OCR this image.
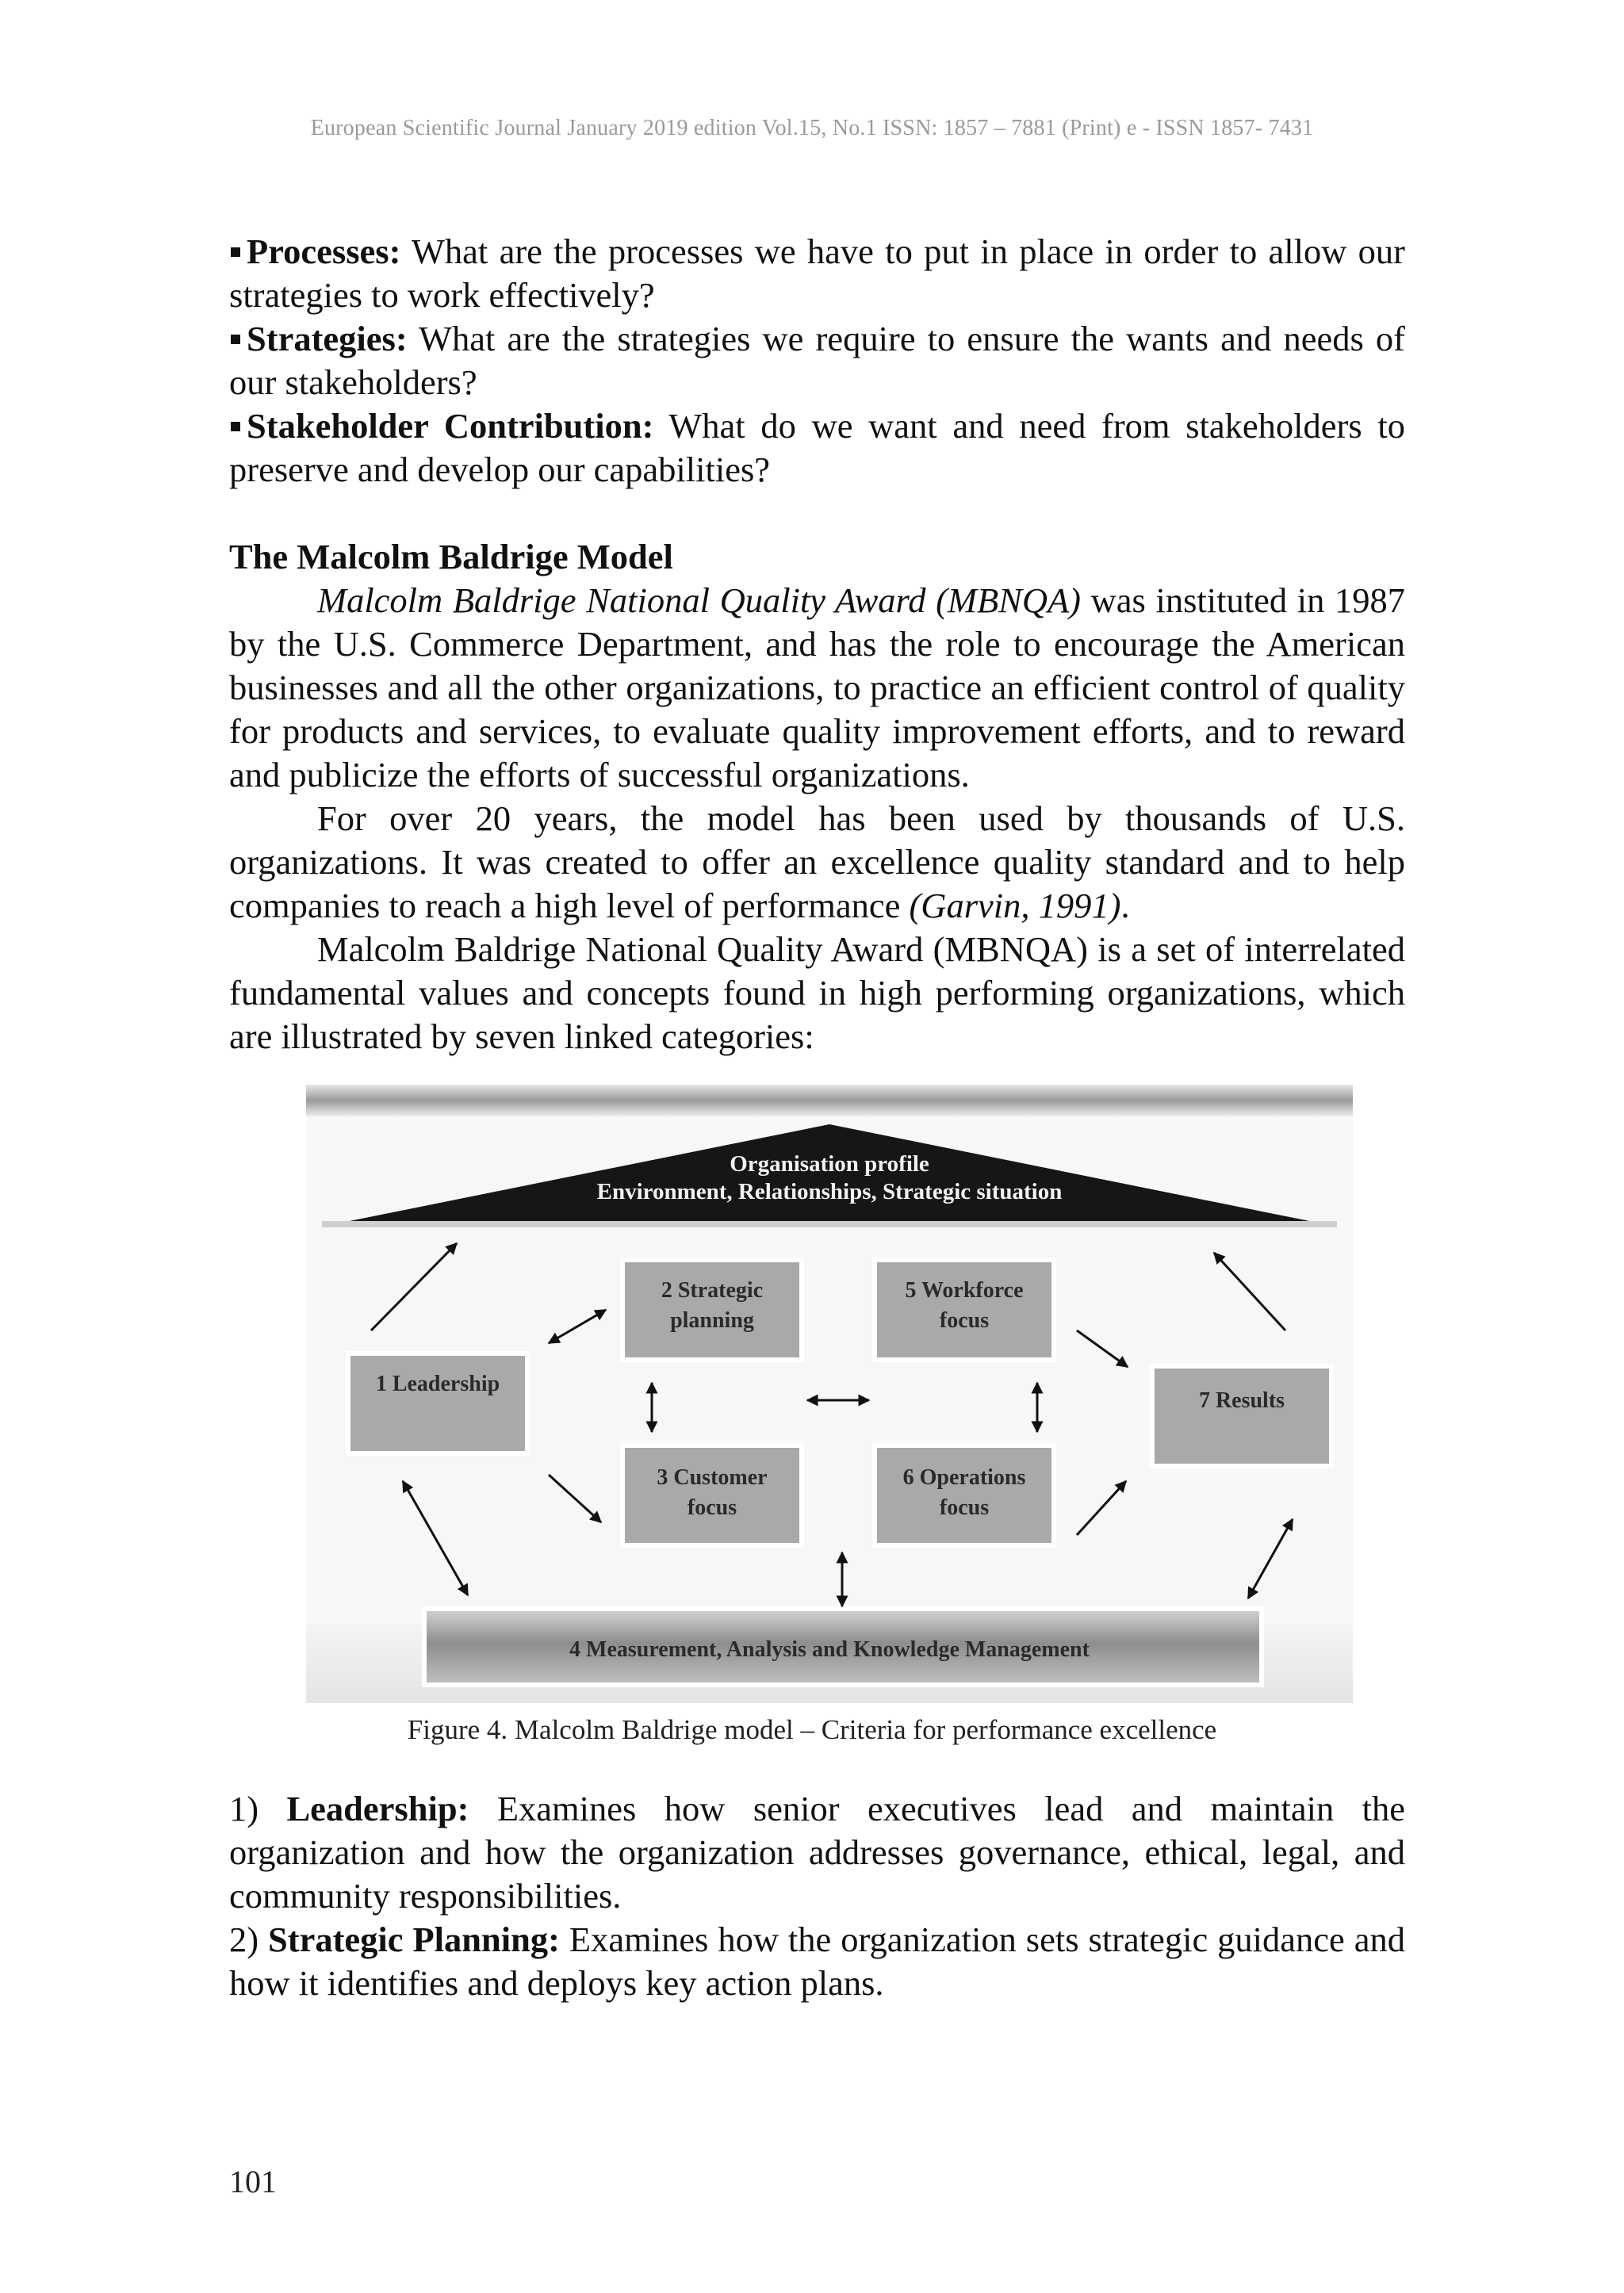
European Scientific Journal January 2019 edition Vol.15, No.1 ISSN: 1857 – 7881 (Print) e - ISSN 1857- 7431

Processes: What are the processes we have to put in place in order to allow our strategies to work effectively?

Strategies: What are the strategies we require to ensure the wants and needs of our stakeholders?

Stakeholder Contribution: What do we want and need from stakeholders to preserve and develop our capabilities?

The Malcolm Baldrige Model

Malcolm Baldrige National Quality Award (MBNQA) was instituted in 1987 by the U.S. Commerce Department, and has the role to encourage the American businesses and all the other organizations, to practice an efficient control of quality for products and services, to evaluate quality improvement efforts, and to reward and publicize the efforts of successful organizations.

For over 20 years, the model has been used by thousands of U.S. organizations. It was created to offer an excellence quality standard and to help companies to reach a high level of performance (Garvin, 1991).

Malcolm Baldrige National Quality Award (MBNQA) is a set of interrelated fundamental values and concepts found in high performing organizations, which are illustrated by seven linked categories:

Organisation profile
Environment, Relationships, Strategic situation
1 Leadership
2 Strategic
planning
5 Workforce
focus
3 Customer
focus
6 Operations
focus
7 Results
4 Measurement, Analysis and Knowledge Management
Figure 4. Malcolm Baldrige model – Criteria for performance excellence

1) Leadership: Examines how senior executives lead and maintain the organization and how the organization addresses governance, ethical, legal, and community responsibilities.

2) Strategic Planning: Examines how the organization sets strategic guidance and how it identifies and deploys key action plans.

101
